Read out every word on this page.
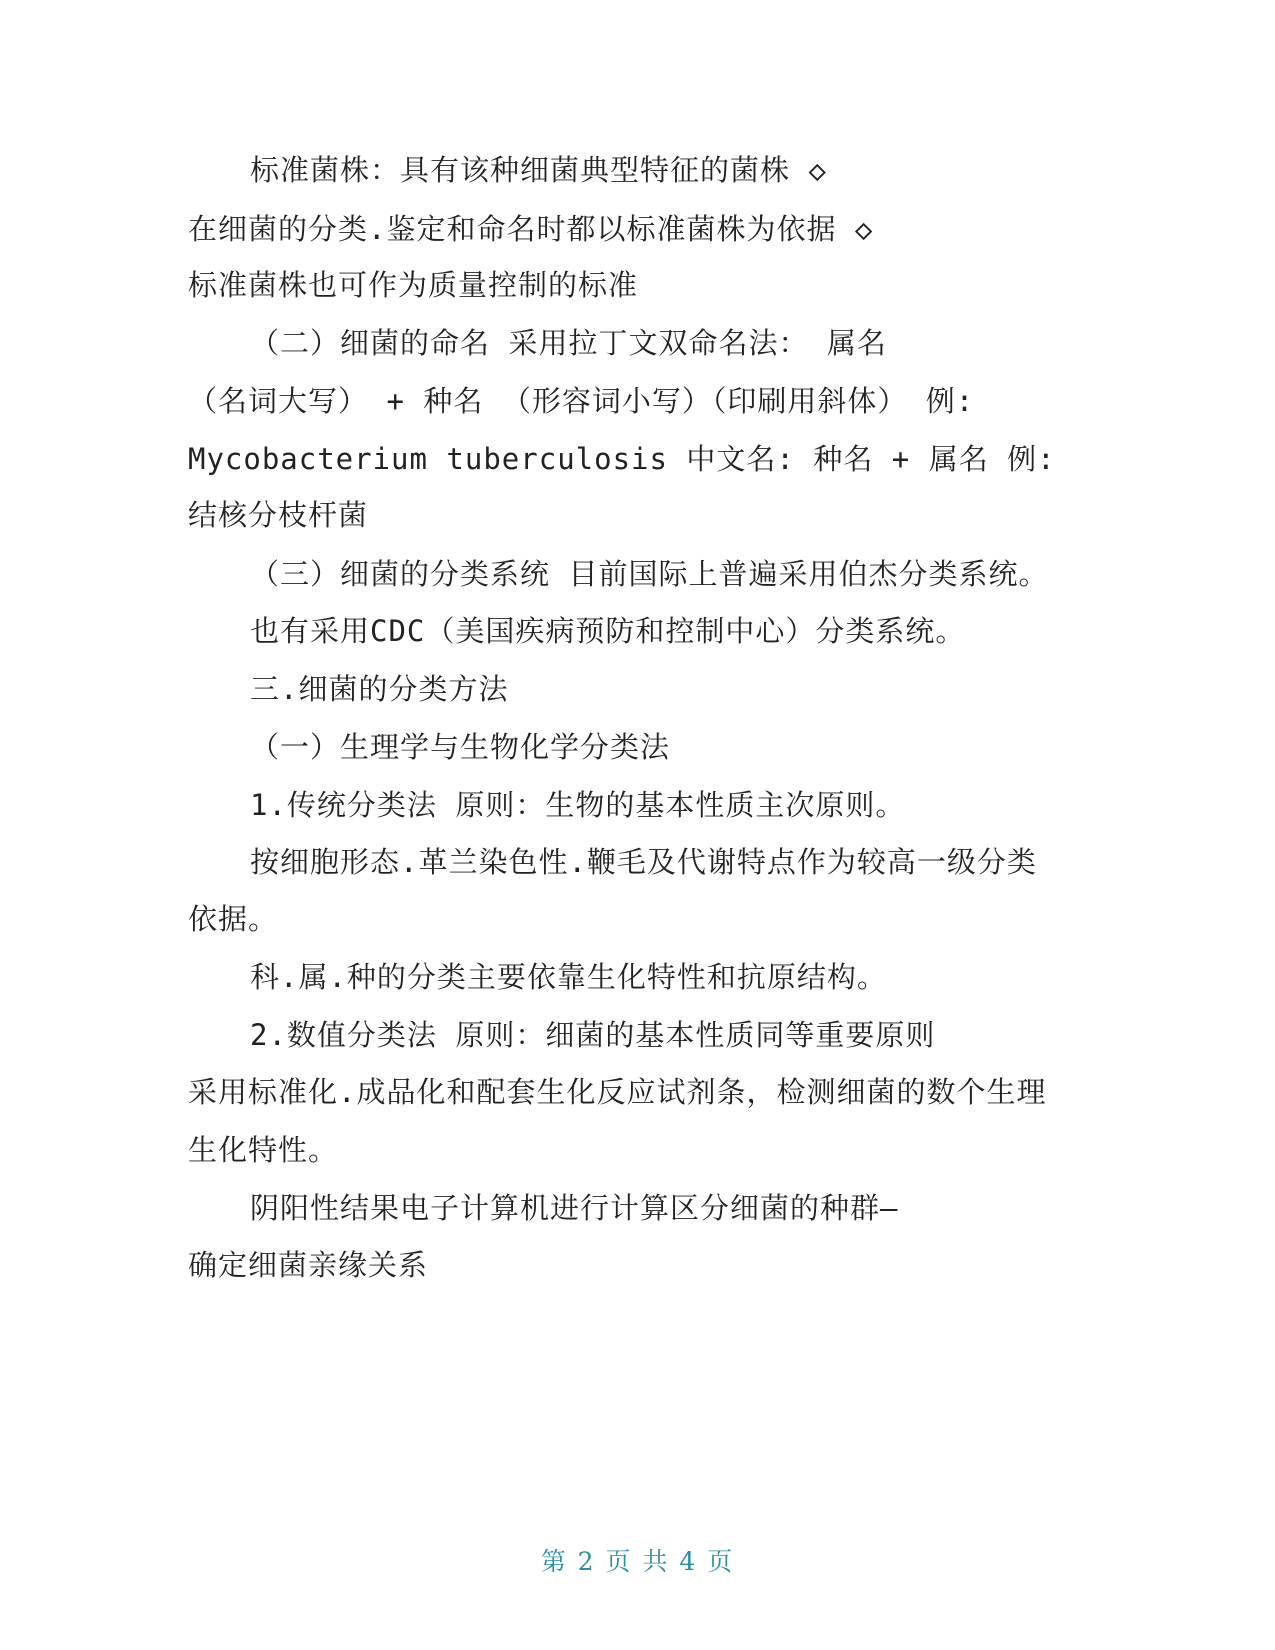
标准菌株：具有该种细菌典型特征的菌株 ◇
在细菌的分类.鉴定和命名时都以标准菌株为依据 ◇
标准菌株也可作为质量控制的标准
（二）细菌的命名 采用拉丁文双命名法： 属名
（名词大写） + 种名 （形容词小写）（印刷用斜体） 例:
Mycobacterium tuberculosis 中文名: 种名 + 属名 例:
结核分枝杆菌
（三）细菌的分类系统 目前国际上普遍采用伯杰分类系统。
也有采用CDC（美国疾病预防和控制中心）分类系统。
三.细菌的分类方法
（一）生理学与生物化学分类法
1.传统分类法 原则：生物的基本性质主次原则。
按细胞形态.革兰染色性.鞭毛及代谢特点作为较高一级分类
依据。
科.属.种的分类主要依靠生化特性和抗原结构。
2.数值分类法 原则：细菌的基本性质同等重要原则
采用标准化.成品化和配套生化反应试剂条，检测细菌的数个生理
生化特性。
阴阳性结果电子计算机进行计算区分细菌的种群—
确定细菌亲缘关系
第 2 页 共 4 页
